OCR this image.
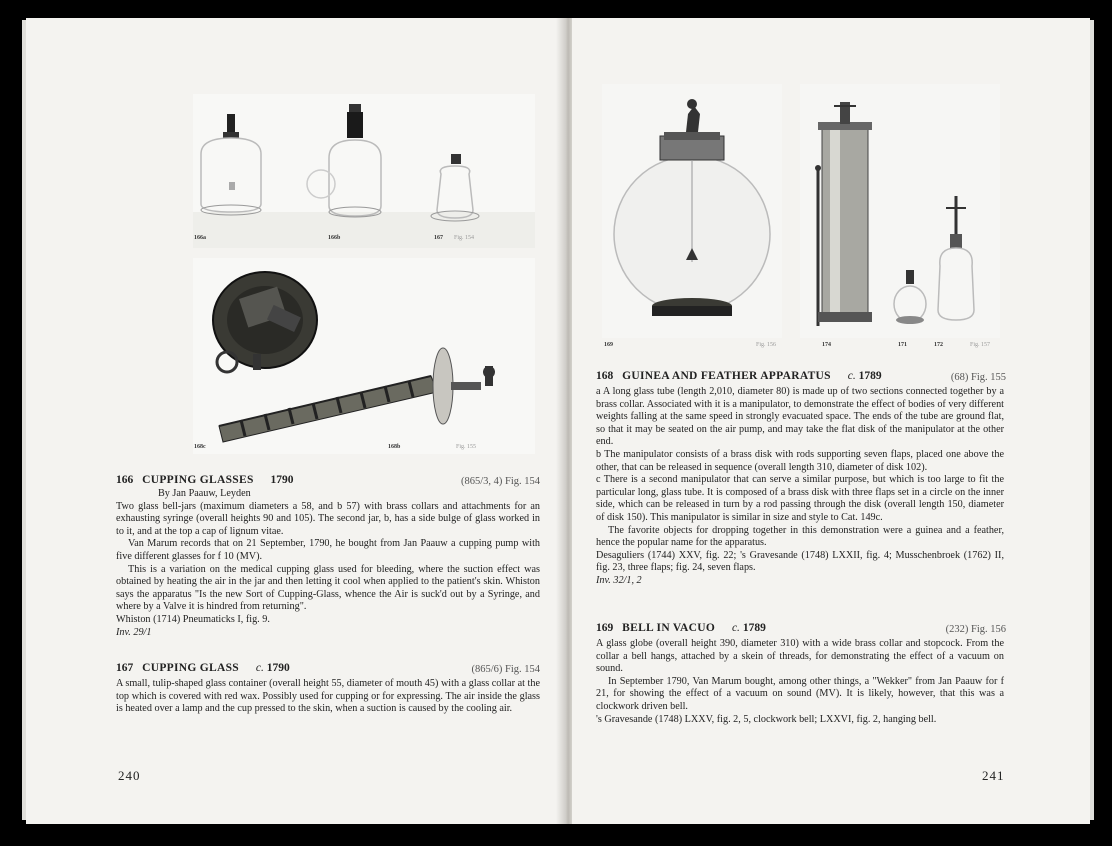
166a	166b	167 Fig. 154
168c	168b	Fig. 155
166 CUPPING GLASSES 1790	(865/3, 4) Fig. 154

By Jan Paauw, Leyden

Two glass bell-jars (maximum diameters a 58, and b 57) with brass collars and attachments for an exhausting syringe (overall heights 90 and 105). The second jar, b, has a side bulge of glass worked in to it, and at the top a cap of lignum vitae.

Van Marum records that on 21 September, 1790, he bought from Jan Paauw a cupping pump with five different glasses for f 10 (MV).

This is a variation on the medical cupping glass used for bleeding, where the suction effect was obtained by heating the air in the jar and then letting it cool when applied to the patient's skin. Whiston says the apparatus "Is the new Sort of Cupping-Glass, whence the Air is suck'd out by a Syringe, and where by a Valve it is hindred from returning".

Whiston (1714) Pneumaticks I, fig. 9.

Inv. 29/1

167 CUPPING GLASS c. 1790	(865/6) Fig. 154

A small, tulip-shaped glass container (overall height 55, diameter of mouth 45) with a glass collar at the top which is covered with red wax. Possibly used for cupping or for expressing. The air inside the glass is heated over a lamp and the cup pressed to the skin, when a suction is caused by the cooling air.

240
169	Fig. 156	174	171	172	Fig. 157
168 GUINEA AND FEATHER APPARATUS c. 1789	(68) Fig. 155

a A long glass tube (length 2,010, diameter 80) is made up of two sections connected together by a brass collar. Associated with it is a manipulator, to demonstrate the effect of bodies of very different weights falling at the same speed in strongly evacuated space. The ends of the tube are ground flat, so that it may be seated on the air pump, and may take the flat disk of the manipulator at the other end.

b The manipulator consists of a brass disk with rods supporting seven flaps, placed one above the other, that can be released in sequence (overall length 310, diameter of disk 102).

c There is a second manipulator that can serve a similar purpose, but which is too large to fit the particular long, glass tube. It is composed of a brass disk with three flaps set in a circle on the inner side, which can be released in turn by a rod passing through the disk (overall length 150, diameter of disk 150). This manipulator is similar in size and style to Cat. 149c.

The favorite objects for dropping together in this demonstration were a guinea and a feather, hence the popular name for the apparatus.

Desaguliers (1744) XXV, fig. 22; 's Gravesande (1748) LXXII, fig. 4; Musschenbroek (1762) II, fig. 23, three flaps; fig. 24, seven flaps.

Inv. 32/1, 2

169 BELL IN VACUO c. 1789	(232) Fig. 156

A glass globe (overall height 390, diameter 310) with a wide brass collar and stopcock. From the collar a bell hangs, attached by a skein of threads, for demonstrating the effect of a vacuum on sound.

In September 1790, Van Marum bought, among other things, a "Wekker" from Jan Paauw for f 21, for showing the effect of a vacuum on sound (MV). It is likely, however, that this was a clockwork driven bell.

's Gravesande (1748) LXXV, fig. 2, 5, clockwork bell; LXXVI, fig. 2, hanging bell.

241
